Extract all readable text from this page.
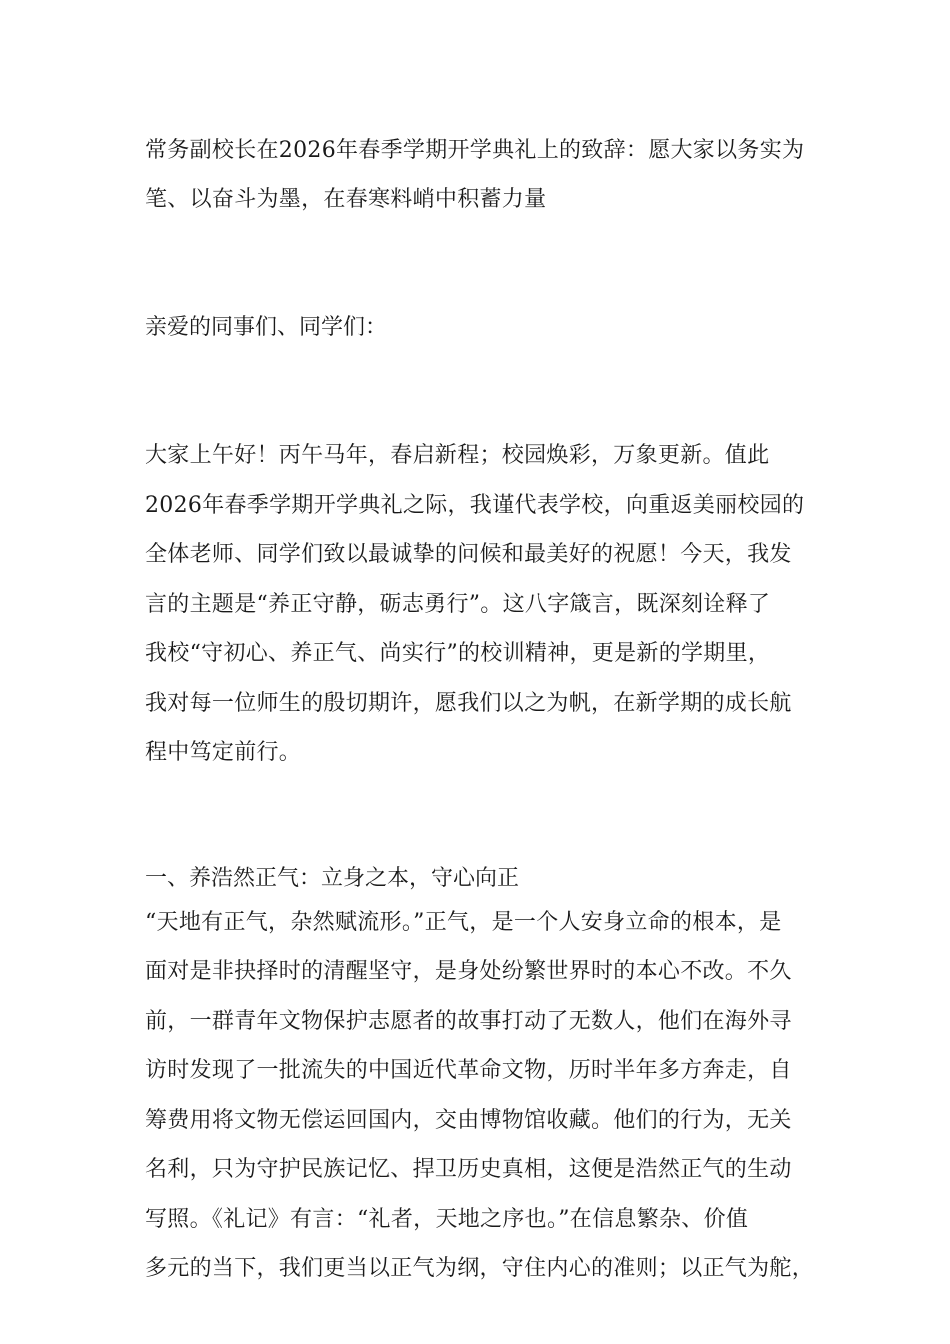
常务副校长在2026年春季学期开学典礼上的致辞：愿大家以务实为
笔、以奋斗为墨，在春寒料峭中积蓄力量
亲爱的同事们、同学们：
大家上午好！丙午马年，春启新程；校园焕彩，万象更新。值此
2026年春季学期开学典礼之际，我谨代表学校，向重返美丽校园的
全体老师、同学们致以最诚挚的问候和最美好的祝愿！今天，我发
言的主题是“养正守静，砺志勇行”。这八字箴言，既深刻诠释了
我校“守初心、养正气、尚实行”的校训精神，更是新的学期里，
我对每一位师生的殷切期许，愿我们以之为帆，在新学期的成长航
程中笃定前行。
一、养浩然正气：立身之本，守心向正
“天地有正气，杂然赋流形。”正气，是一个人安身立命的根本，是
面对是非抉择时的清醒坚守，是身处纷繁世界时的本心不改。不久
前，一群青年文物保护志愿者的故事打动了无数人，他们在海外寻
访时发现了一批流失的中国近代革命文物，历时半年多方奔走，自
筹费用将文物无偿运回国内，交由博物馆收藏。他们的行为，无关
名利，只为守护民族记忆、捍卫历史真相，这便是浩然正气的生动
写照。《礼记》有言：“礼者，天地之序也。”在信息繁杂、价值
多元的当下，我们更当以正气为纲，守住内心的准则；以正气为舵，
